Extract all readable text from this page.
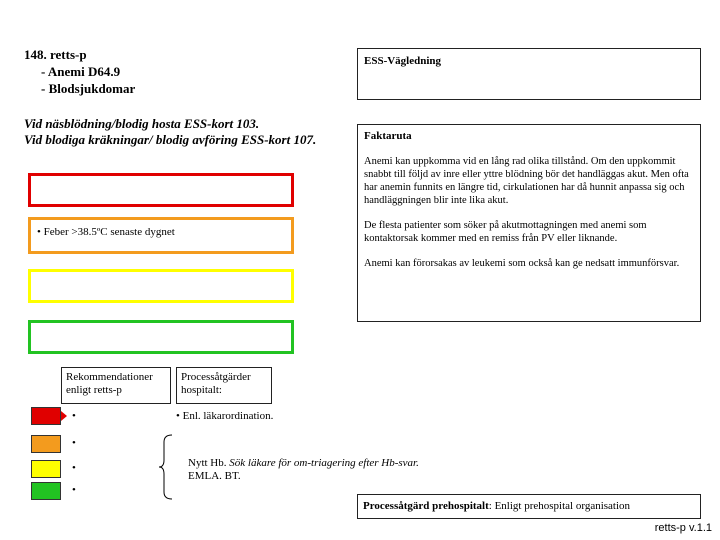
148. retts-p

- Anemi D64.9
- Blodsjukdomar
Vid näsblödning/blodig hosta ESS-kort 103.
Vid blodiga kräkningar/ blodig avföring ESS-kort 107.
• Feber >38.5ºC senaste dygnet
ESS-Vägledning
Faktaruta

Anemi kan uppkomma vid en lång rad olika tillstånd. Om den uppkommit snabbt till följd av inre eller yttre blödning bör det handläggas akut. Men ofta har anemin funnits en längre tid, cirkulationen har då hunnit anpassa sig och handläggningen blir inte lika akut.

De flesta patienter som söker på akutmottagningen med anemi som kontaktorsak kommer med en remiss från PV eller liknande.

Anemi kan förorsakas av leukemi som också kan ge nedsatt immunförsvar.

Rekommendationer enligt retts-p
Processåtgärder hospitalt:
•
•
•
•
• Enl. läkarordination.
Nytt Hb. Sök läkare för om-triagering efter Hb-svar.
EMLA. BT.
Processåtgärd prehospitalt: Enligt prehospital organisation
retts-p v.1.1
